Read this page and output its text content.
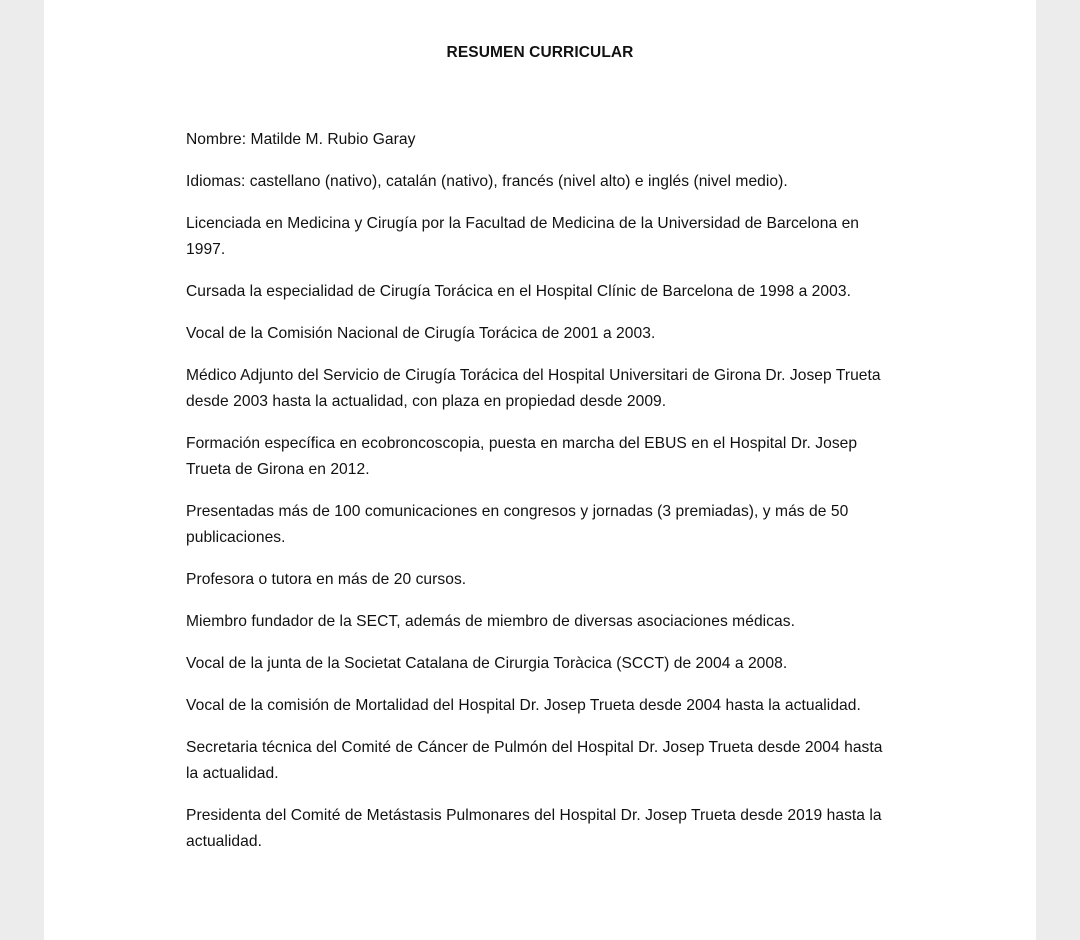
RESUMEN CURRICULAR

Nombre: Matilde M. Rubio Garay

Idiomas: castellano (nativo), catalán (nativo), francés (nivel alto) e inglés (nivel medio).

Licenciada en Medicina y Cirugía por la Facultad de Medicina de la Universidad de Barcelona en 1997.

Cursada la especialidad de Cirugía Torácica en el Hospital Clínic de Barcelona de 1998 a 2003.

Vocal de la Comisión Nacional de Cirugía Torácica de 2001 a 2003.

Médico Adjunto del Servicio de Cirugía Torácica del Hospital Universitari de Girona Dr. Josep Trueta desde 2003 hasta la actualidad, con plaza en propiedad desde 2009.

Formación específica en ecobroncoscopia, puesta en marcha del EBUS en el Hospital Dr. Josep Trueta de Girona en 2012.

Presentadas más de 100 comunicaciones en congresos y jornadas (3 premiadas), y más de 50 publicaciones.

Profesora o tutora en más de 20 cursos.

Miembro fundador de la SECT, además de miembro de diversas asociaciones médicas.

Vocal de la junta de la Societat Catalana de Cirurgia Toràcica (SCCT) de 2004 a 2008.

Vocal de la comisión de Mortalidad del Hospital Dr. Josep Trueta desde 2004 hasta la actualidad.

Secretaria técnica del Comité de Cáncer de Pulmón del Hospital Dr. Josep Trueta desde 2004 hasta la actualidad.

Presidenta del Comité de Metástasis Pulmonares del Hospital Dr. Josep Trueta desde 2019 hasta la actualidad.
